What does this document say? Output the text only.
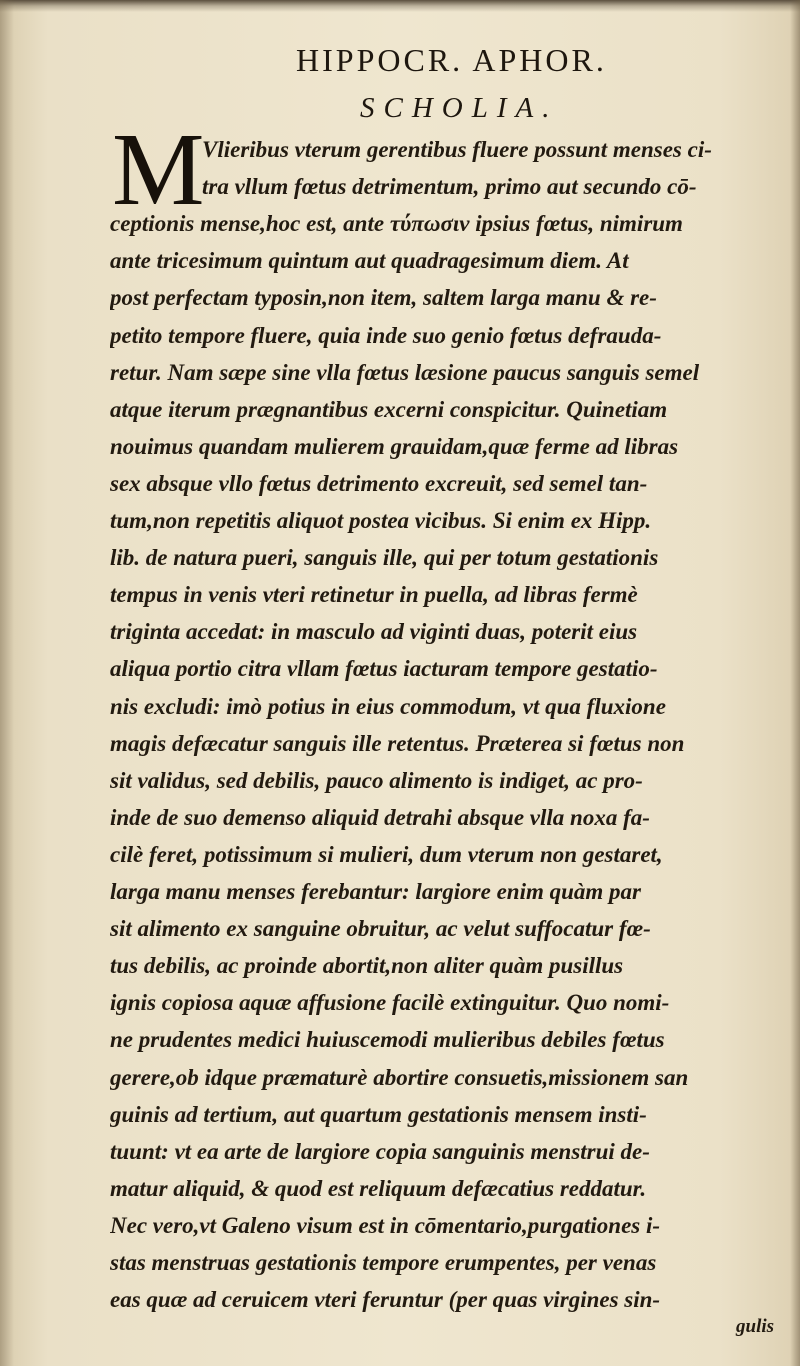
HIPPOCR. APHOR.
SCHOLIA.
M
Vlieribus vterum gerentibus fluere possunt menses ci-
tra vllum fœtus detrimentum, primo aut secundo cō-
ceptionis mense,hoc est, ante τύπωσιν ipsius fœtus, nimirum
ante tricesimum quintum aut quadragesimum diem. At
post perfectam typosin,non item, saltem larga manu & re-
petito tempore fluere, quia inde suo genio fœtus defrauda-
retur. Nam sæpe sine vlla fœtus læsione paucus sanguis semel
atque iterum prægnantibus excerni conspicitur. Quinetiam
nouimus quandam mulierem grauidam,quæ ferme ad libras
sex absque vllo fœtus detrimento excreuit, sed semel tan-
tum,non repetitis aliquot postea vicibus. Si enim ex Hipp.
lib. de natura pueri, sanguis ille, qui per totum gestationis
tempus in venis vteri retinetur in puella, ad libras fermè
triginta accedat: in masculo ad viginti duas, poterit eius
aliqua portio citra vllam fœtus iacturam tempore gestatio-
nis excludi: imò potius in eius commodum, vt qua fluxione
magis defæcatur sanguis ille retentus. Præterea si fœtus non
sit validus, sed debilis, pauco alimento is indiget, ac pro-
inde de suo demenso aliquid detrahi absque vlla noxa fa-
cilè feret, potissimum si mulieri, dum vterum non gestaret,
larga manu menses ferebantur: largiore enim quàm par
sit alimento ex sanguine obruitur, ac velut suffocatur fœ-
tus debilis, ac proinde abortit,non aliter quàm pusillus
ignis copiosa aquæ affusione facilè extinguitur. Quo nomi-
ne prudentes medici huiuscemodi mulieribus debiles fœtus
gerere,ob idque præmaturè abortire consuetis,missionem san
guinis ad tertium, aut quartum gestationis mensem insti-
tuunt: vt ea arte de largiore copia sanguinis menstrui de-
matur aliquid, & quod est reliquum defæcatius reddatur.
Nec vero,vt Galeno visum est in cōmentario,purgationes i-
stas menstruas gestationis tempore erumpentes, per venas
eas quæ ad ceruicem vteri feruntur (per quas virgines sin-
gulis
